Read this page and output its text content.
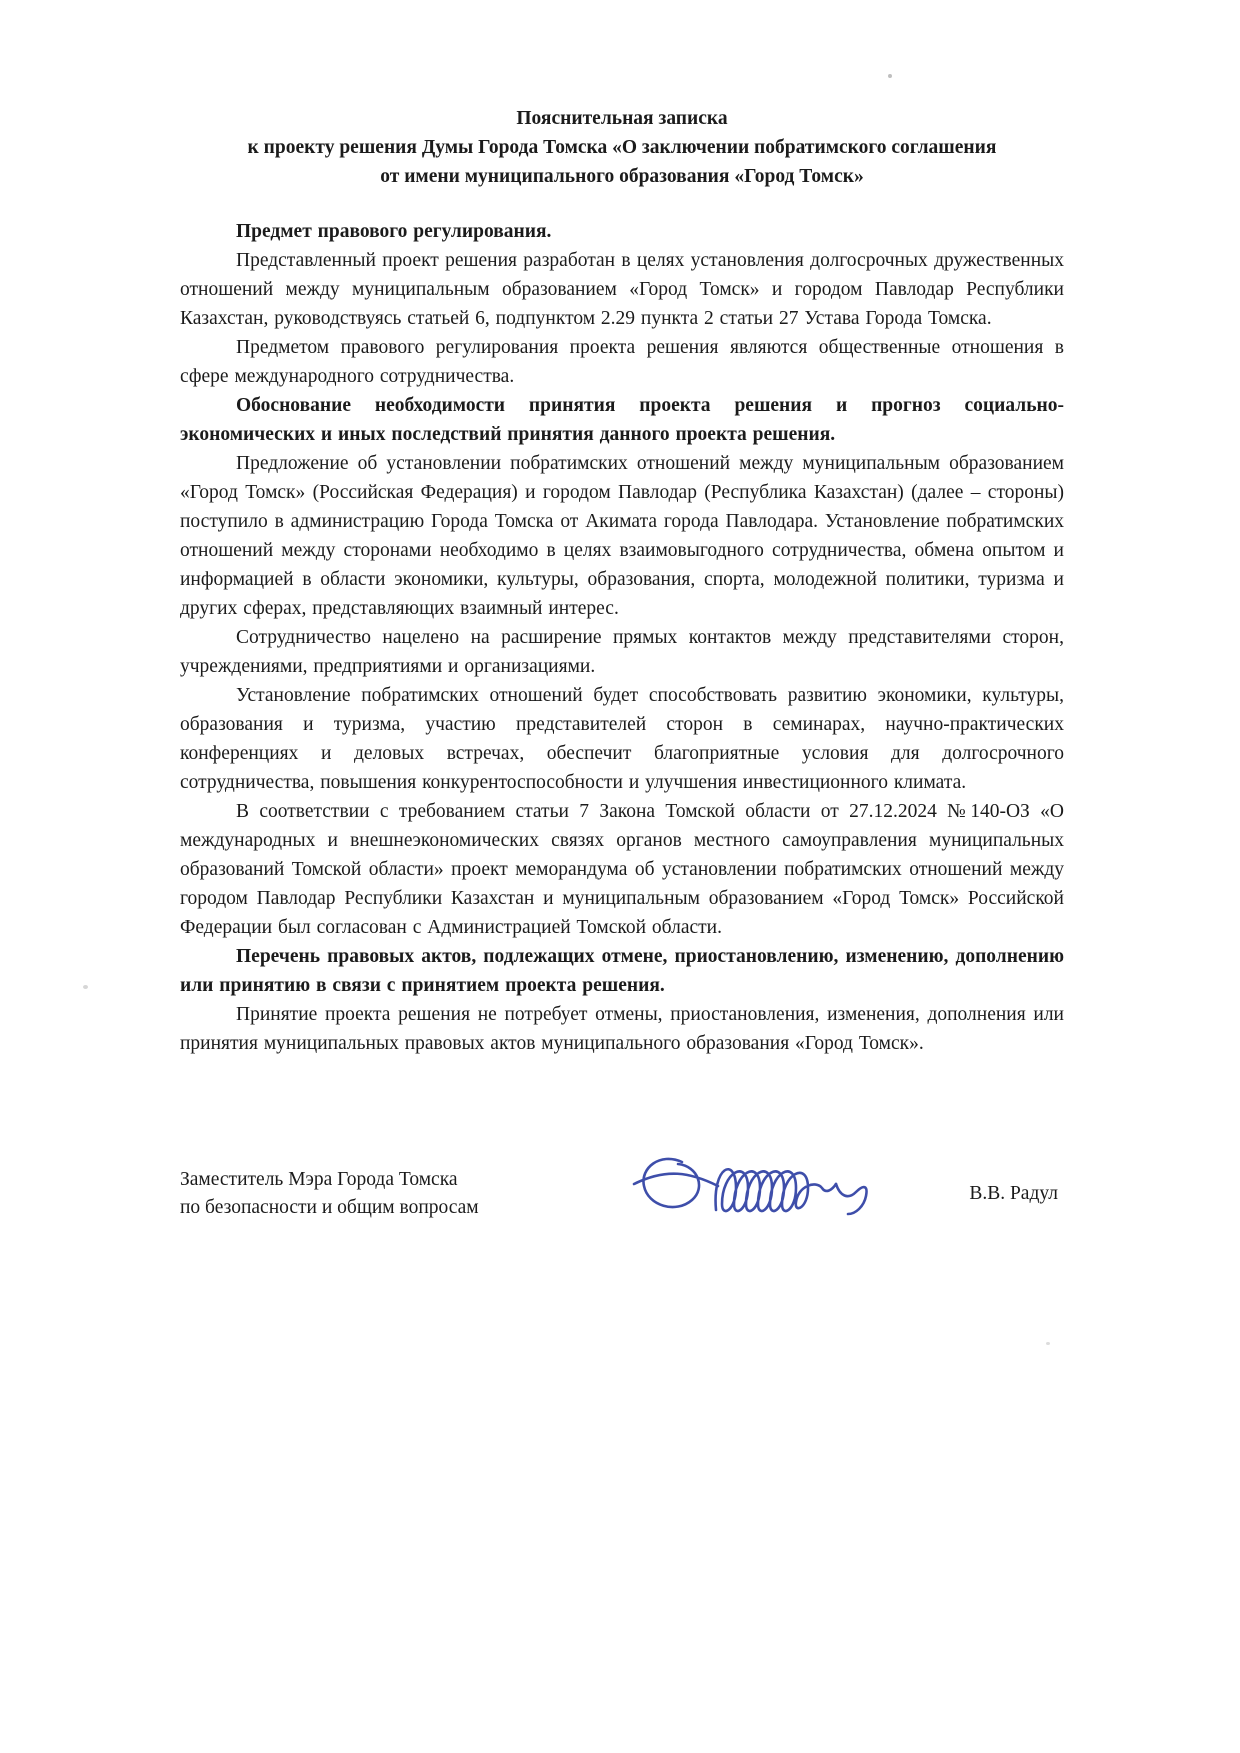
Пояснительная записка
к проекту решения Думы Города Томска «О заключении побратимского соглашения
от имени муниципального образования «Город Томск»

Предмет правового регулирования.

Представленный проект решения разработан в целях установления долгосрочных дружественных отношений между муниципальным образованием «Город Томск» и городом Павлодар Республики Казахстан, руководствуясь статьей 6, подпунктом 2.29 пункта 2 статьи 27 Устава Города Томска.

Предметом правового регулирования проекта решения являются общественные отношения в сфере международного сотрудничества.

Обоснование необходимости принятия проекта решения и прогноз социально-экономических и иных последствий принятия данного проекта решения.

Предложение об установлении побратимских отношений между муниципальным образованием «Город Томск» (Российская Федерация) и городом Павлодар (Республика Казахстан) (далее – стороны) поступило в администрацию Города Томска от Акимата города Павлодара. Установление побратимских отношений между сторонами необходимо в целях взаимовыгодного сотрудничества, обмена опытом и информацией в области экономики, культуры, образования, спорта, молодежной политики, туризма и других сферах, представляющих взаимный интерес.

Сотрудничество нацелено на расширение прямых контактов между представителями сторон, учреждениями, предприятиями и организациями.

Установление побратимских отношений будет способствовать развитию экономики, культуры, образования и туризма, участию представителей сторон в семинарах, научно-практических конференциях и деловых встречах, обеспечит благоприятные условия для долгосрочного сотрудничества, повышения конкурентоспособности и улучшения инвестиционного климата.

В соответствии с требованием статьи 7 Закона Томской области от 27.12.2024 №140-ОЗ «О международных и внешнеэкономических связях органов местного самоуправления муниципальных образований Томской области» проект меморандума об установлении побратимских отношений между городом Павлодар Республики Казахстан и муниципальным образованием «Город Томск» Российской Федерации был согласован с Администрацией Томской области.

Перечень правовых актов, подлежащих отмене, приостановлению, изменению, дополнению или принятию в связи с принятием проекта решения.

Принятие проекта решения не потребует отмены, приостановления, изменения, дополнения или принятия муниципальных правовых актов муниципального образования «Город Томск».

Заместитель Мэра Города Томска
по безопасности и общим вопросам
В.В. Радул
